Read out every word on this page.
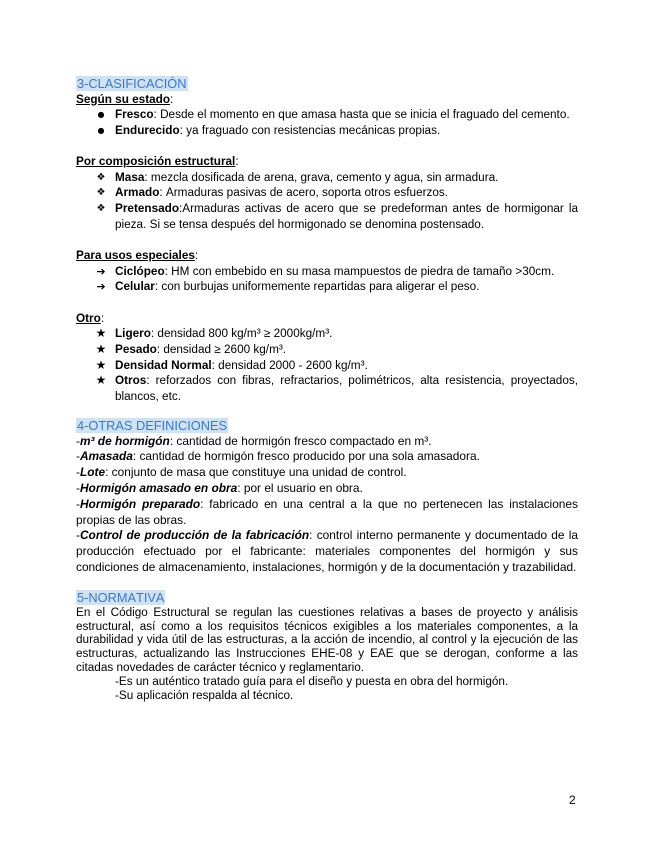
3-CLASIFICACIÓN
Según su estado:
● Fresco: Desde el momento en que amasa hasta que se inicia el fraguado del cemento.
● Endurecido: ya fraguado con resistencias mecánicas propias.
Por composición estructural:
❖ Masa: mezcla dosificada de arena, grava, cemento y agua, sin armadura.
❖ Armado: Armaduras pasivas de acero, soporta otros esfuerzos.
❖ Pretensado:Armaduras activas de acero que se predeforman antes de hormigonar la pieza. Si se tensa después del hormigonado se denomina postensado.
Para usos especiales:
➔ Ciclópeo: HM con embebido en su masa mampuestos de piedra de tamaño >30cm.
➔ Celular: con burbujas uniformemente repartidas para aligerar el peso.
Otro:
★ Ligero: densidad 800 kg/m³ ≥ 2000kg/m³.
★ Pesado: densidad ≥ 2600 kg/m³.
★ Densidad Normal: densidad 2000 - 2600 kg/m³.
★ Otros: reforzados con fibras, refractarios, polimétricos, alta resistencia, proyectados, blancos, etc.
4-OTRAS DEFINICIONES
-m³ de hormigón: cantidad de hormigón fresco compactado en m³.
-Amasada: cantidad de hormigón fresco producido por una sola amasadora.
-Lote: conjunto de masa que constituye una unidad de control.
-Hormigón amasado en obra: por el usuario en obra.
-Hormigón preparado: fabricado en una central a la que no pertenecen las instalaciones propias de las obras.
-Control de producción de la fabricación: control interno permanente y documentado de la producción efectuado por el fabricante: materiales componentes del hormigón y sus condiciones de almacenamiento, instalaciones, hormigón y de la documentación y trazabilidad.
5-NORMATIVA
En el Código Estructural se regulan las cuestiones relativas a bases de proyecto y análisis estructural, así como a los requisitos técnicos exigibles a los materiales componentes, a la durabilidad y vida útil de las estructuras, a la acción de incendio, al control y la ejecución de las estructuras, actualizando las Instrucciones EHE-08 y EAE que se derogan, conforme a las citadas novedades de carácter técnico y reglamentario.
-Es un auténtico tratado guía para el diseño y puesta en obra del hormigón.
-Su aplicación respalda al técnico.
2
